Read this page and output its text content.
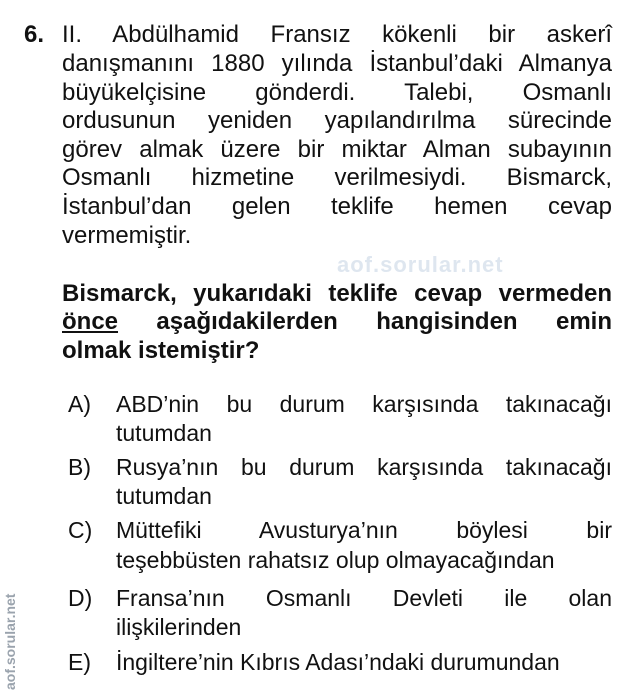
aof.sorular.net
aof.sorular.net
6. II. Abdülhamid Fransız kökenli bir askerî
danışmanını 1880 yılında İstanbul’daki Almanya
büyükelçisine gönderdi. Talebi, Osmanlı
ordusunun yeniden yapılandırılma sürecinde
görev almak üzere bir miktar Alman subayının
Osmanlı hizmetine verilmesiydi. Bismarck,
İstanbul’dan gelen teklife hemen cevap
vermemiştir.
Bismarck, yukarıdaki teklife cevap vermeden
önce aşağıdakilerden hangisinden emin
olmak istemiştir?
A) ABD’nin bu durum karşısında takınacağı
tutumdan
B) Rusya’nın bu durum karşısında takınacağı
tutumdan
C) Müttefiki Avusturya’nın böylesi bir
teşebbüsten rahatsız olup olmayacağından
D) Fransa’nın Osmanlı Devleti ile olan
ilişkilerinden
E) İngiltere’nin Kıbrıs Adası’ndaki durumundan
